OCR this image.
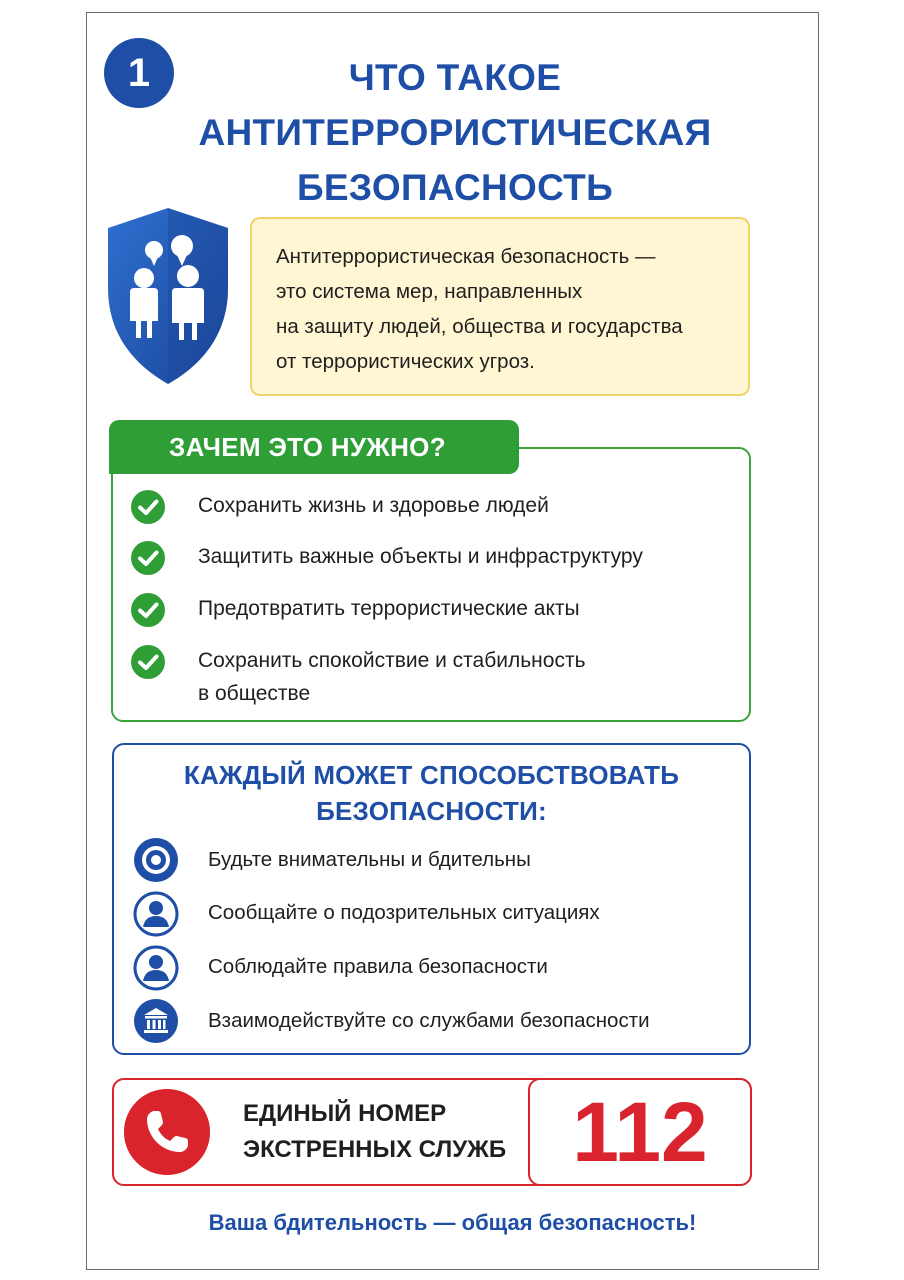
1	ЧТО ТАКОЕ
АНТИТЕРРОРИСТИЧЕСКАЯ
БЕЗОПАСНОСТЬ
Антитеррористическая безопасность —
это система мер, направленных
на защиту людей, общества и государства
от террористических угроз.
ЗАЧЕМ ЭТО НУЖНО?
Сохранить жизнь и здоровье людей
Защитить важные объекты и инфраструктуру
Предотвратить террористические акты
Сохранить спокойствие и стабильность
в обществе
КАЖДЫЙ МОЖЕТ СПОСОБСТВОВАТЬ
БЕЗОПАСНОСТИ:
Будьте внимательны и бдительны
Сообщайте о подозрительных ситуациях
Соблюдайте правила безопасности
Взаимодействуйте со службами безопасности
ЕДИНЫЙ НОМЕР
ЭКСТРЕННЫХ СЛУЖБ 112
Ваша бдительность — общая безопасность!
